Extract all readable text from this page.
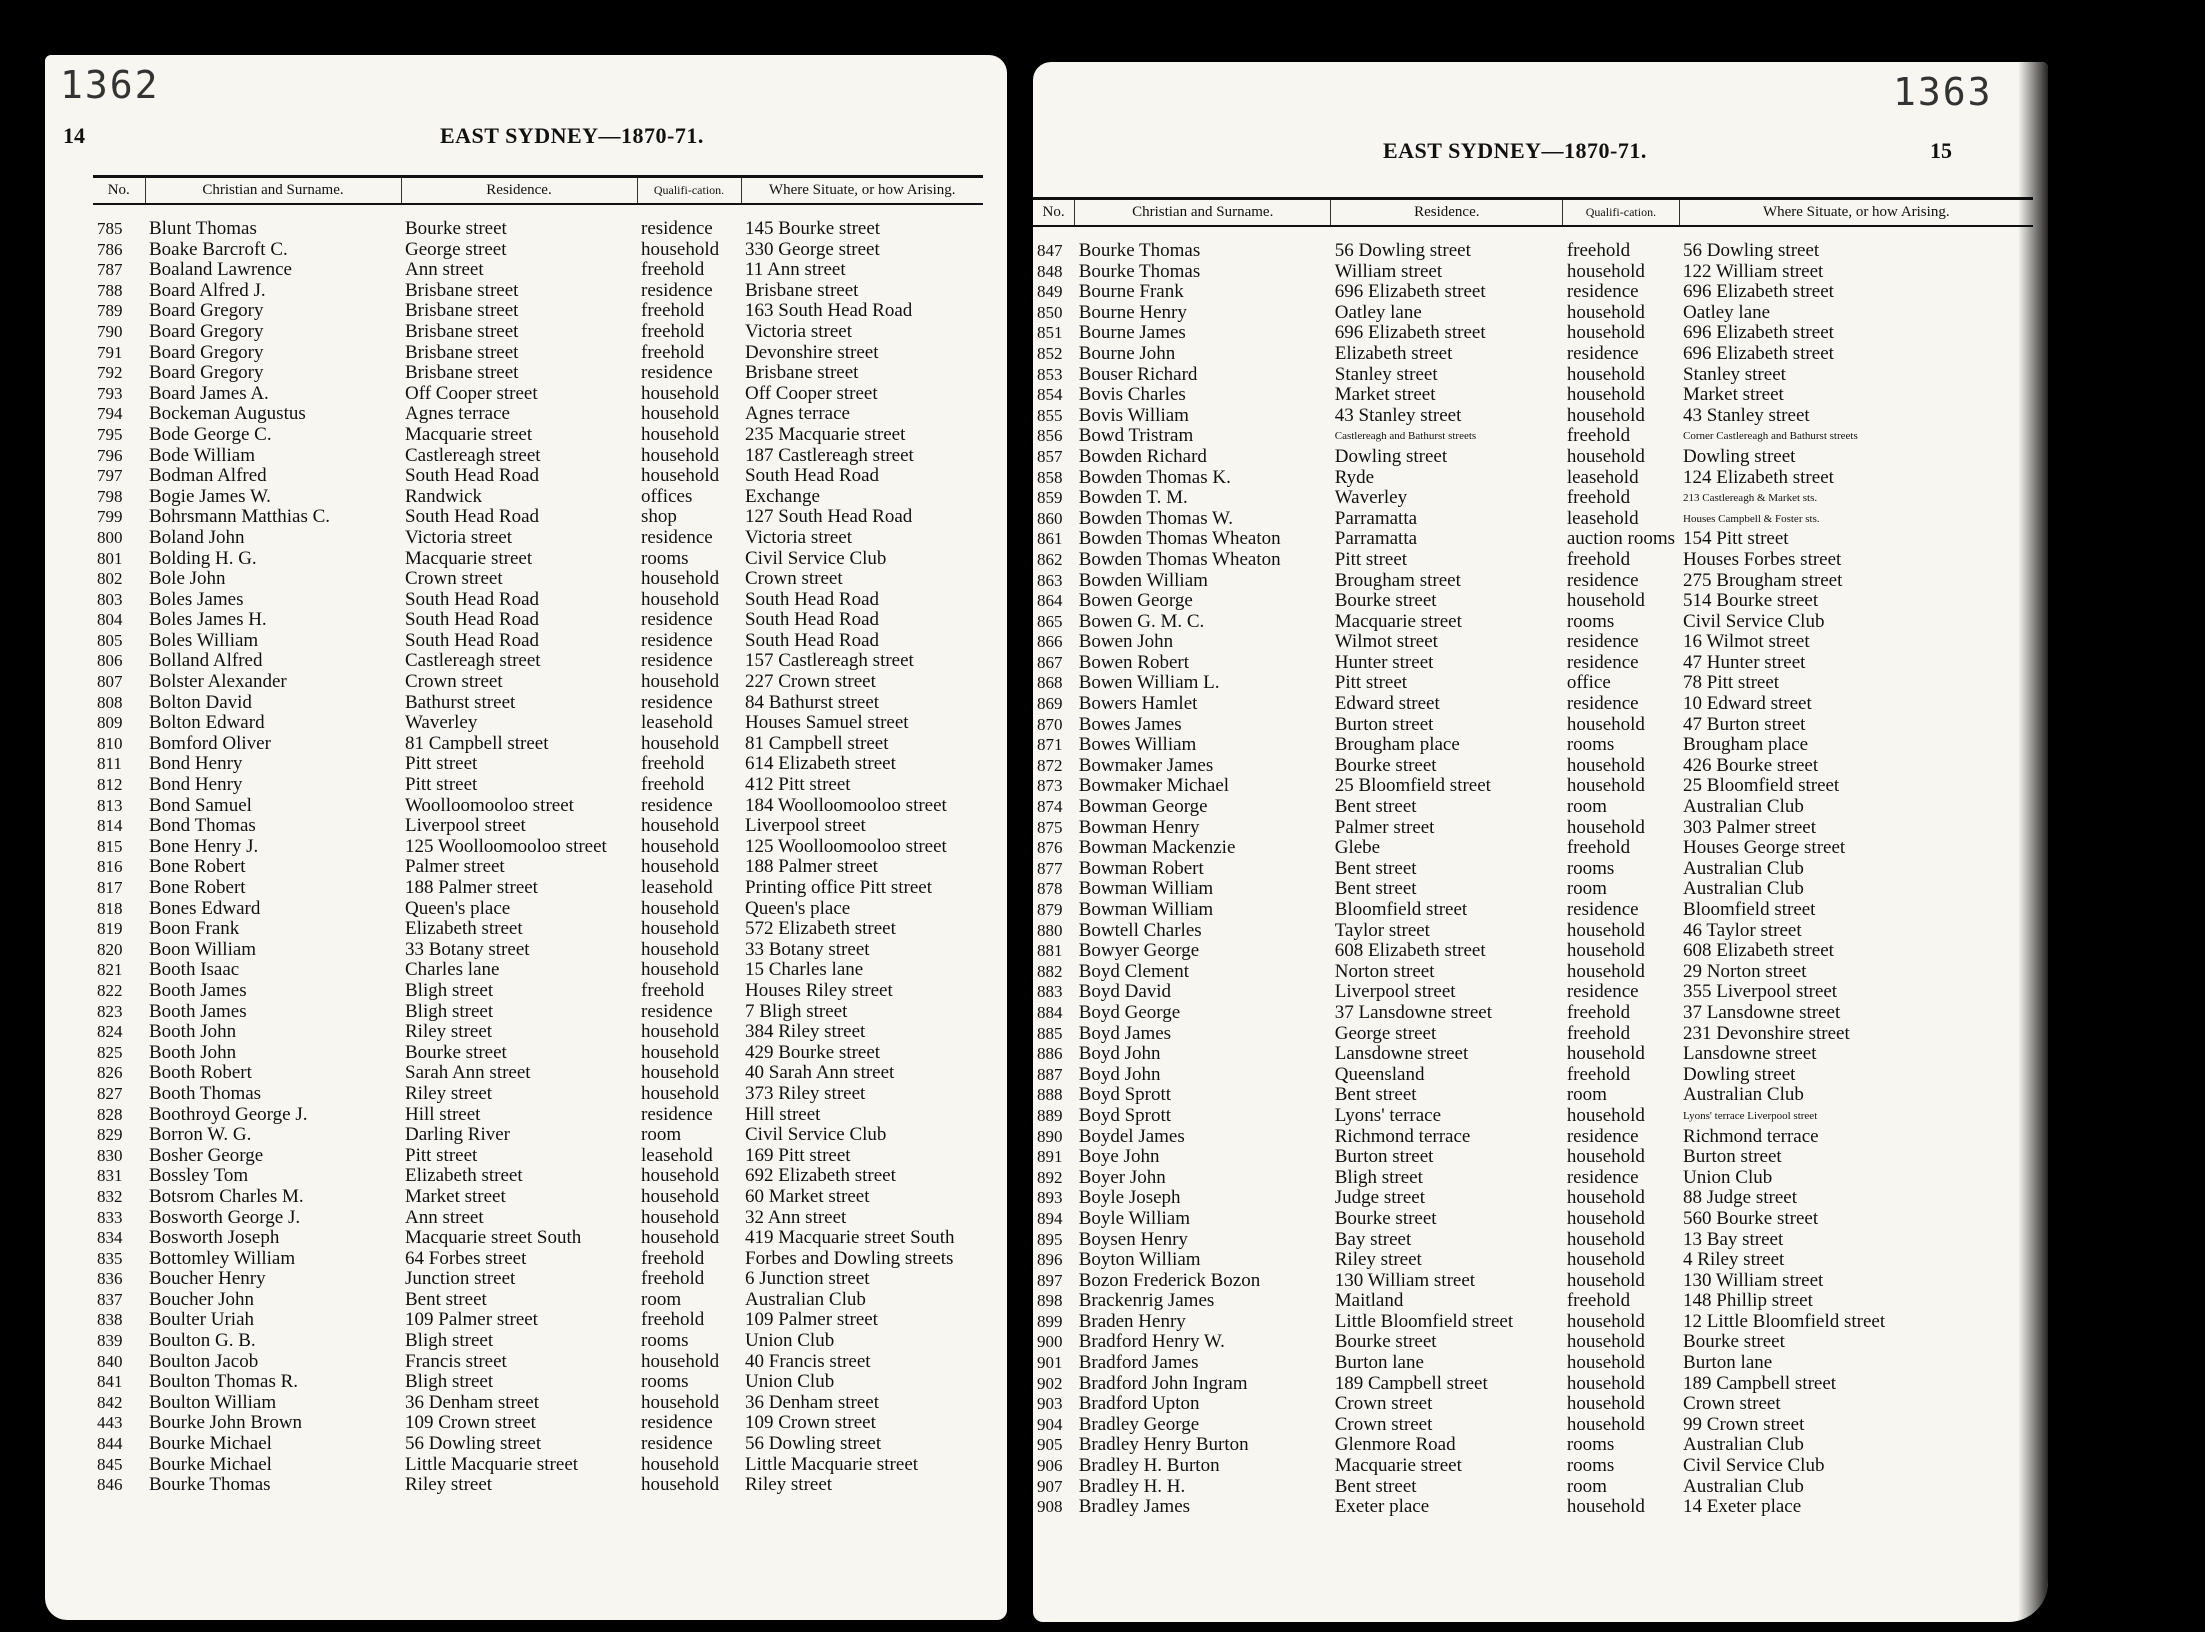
1362
14	EAST SYDNEY—1870-71.
No.	Christian and Surname.	Residence.	Qualifi-cation.	Where Situate, or how Arising.
785	Blunt Thomas	Bourke street	residence	145 Bourke street
786	Boake Barcroft C.	George street	household	330 George street
787	Boaland Lawrence	Ann street	freehold	11 Ann street
788	Board Alfred J.	Brisbane street	residence	Brisbane street
789	Board Gregory	Brisbane street	freehold	163 South Head Road
790	Board Gregory	Brisbane street	freehold	Victoria street
791	Board Gregory	Brisbane street	freehold	Devonshire street
792	Board Gregory	Brisbane street	residence	Brisbane street
793	Board James A.	Off Cooper street	household	Off Cooper street
794	Bockeman Augustus	Agnes terrace	household	Agnes terrace
795	Bode George C.	Macquarie street	household	235 Macquarie street
796	Bode William	Castlereagh street	household	187 Castlereagh street
797	Bodman Alfred	South Head Road	household	South Head Road
798	Bogie James W.	Randwick	offices	Exchange
799	Bohrsmann Matthias C.	South Head Road	shop	127 South Head Road
800	Boland John	Victoria street	residence	Victoria street
801	Bolding H. G.	Macquarie street	rooms	Civil Service Club
802	Bole John	Crown street	household	Crown street
803	Boles James	South Head Road	household	South Head Road
804	Boles James H.	South Head Road	residence	South Head Road
805	Boles William	South Head Road	residence	South Head Road
806	Bolland Alfred	Castlereagh street	residence	157 Castlereagh street
807	Bolster Alexander	Crown street	household	227 Crown street
808	Bolton David	Bathurst street	residence	84 Bathurst street
809	Bolton Edward	Waverley	leasehold	Houses Samuel street
810	Bomford Oliver	81 Campbell street	household	81 Campbell street
811	Bond Henry	Pitt street	freehold	614 Elizabeth street
812	Bond Henry	Pitt street	freehold	412 Pitt street
813	Bond Samuel	Woolloomooloo street	residence	184 Woolloomooloo street
814	Bond Thomas	Liverpool street	household	Liverpool street
815	Bone Henry J.	125 Woolloomooloo street	household	125 Woolloomooloo street
816	Bone Robert	Palmer street	household	188 Palmer street
817	Bone Robert	188 Palmer street	leasehold	Printing office Pitt street
818	Bones Edward	Queen's place	household	Queen's place
819	Boon Frank	Elizabeth street	household	572 Elizabeth street
820	Boon William	33 Botany street	household	33 Botany street
821	Booth Isaac	Charles lane	household	15 Charles lane
822	Booth James	Bligh street	freehold	Houses Riley street
823	Booth James	Bligh street	residence	7 Bligh street
824	Booth John	Riley street	household	384 Riley street
825	Booth John	Bourke street	household	429 Bourke street
826	Booth Robert	Sarah Ann street	household	40 Sarah Ann street
827	Booth Thomas	Riley street	household	373 Riley street
828	Boothroyd George J.	Hill street	residence	Hill street
829	Borron W. G.	Darling River	room	Civil Service Club
830	Bosher George	Pitt street	leasehold	169 Pitt street
831	Bossley Tom	Elizabeth street	household	692 Elizabeth street
832	Botsrom Charles M.	Market street	household	60 Market street
833	Bosworth George J.	Ann street	household	32 Ann street
834	Bosworth Joseph	Macquarie street South	household	419 Macquarie street South
835	Bottomley William	64 Forbes street	freehold	Forbes and Dowling streets
836	Boucher Henry	Junction street	freehold	6 Junction street
837	Boucher John	Bent street	room	Australian Club
838	Boulter Uriah	109 Palmer street	freehold	109 Palmer street
839	Boulton G. B.	Bligh street	rooms	Union Club
840	Boulton Jacob	Francis street	household	40 Francis street
841	Boulton Thomas R.	Bligh street	rooms	Union Club
842	Boulton William	36 Denham street	household	36 Denham street
443	Bourke John Brown	109 Crown street	residence	109 Crown street
844	Bourke Michael	56 Dowling street	residence	56 Dowling street
845	Bourke Michael	Little Macquarie street	household	Little Macquarie street
846	Bourke Thomas	Riley street	household	Riley street
1363
15
EAST SYDNEY—1870-71.
No.	Christian and Surname.	Residence.	Qualifi-cation.	Where Situate, or how Arising.
847	Bourke Thomas	56 Dowling street	freehold	56 Dowling street
848	Bourke Thomas	William street	household	122 William street
849	Bourne Frank	696 Elizabeth street	residence	696 Elizabeth street
850	Bourne Henry	Oatley lane	household	Oatley lane
851	Bourne James	696 Elizabeth street	household	696 Elizabeth street
852	Bourne John	Elizabeth street	residence	696 Elizabeth street
853	Bouser Richard	Stanley street	household	Stanley street
854	Bovis Charles	Market street	household	Market street
855	Bovis William	43 Stanley street	household	43 Stanley street
856	Bowd Tristram	Castlereagh and Bathurst streets	freehold	Corner Castlereagh and Bathurst streets
857	Bowden Richard	Dowling street	household	Dowling street
858	Bowden Thomas K.	Ryde	leasehold	124 Elizabeth street
859	Bowden T. M.	Waverley	freehold	213 Castlereagh & Market sts.
860	Bowden Thomas W.	Parramatta	leasehold	Houses Campbell & Foster sts.
861	Bowden Thomas Wheaton	Parramatta	auction rooms	154 Pitt street
862	Bowden Thomas Wheaton	Pitt street	freehold	Houses Forbes street
863	Bowden William	Brougham street	residence	275 Brougham street
864	Bowen George	Bourke street	household	514 Bourke street
865	Bowen G. M. C.	Macquarie street	rooms	Civil Service Club
866	Bowen John	Wilmot street	residence	16 Wilmot street
867	Bowen Robert	Hunter street	residence	47 Hunter street
868	Bowen William L.	Pitt street	office	78 Pitt street
869	Bowers Hamlet	Edward street	residence	10 Edward street
870	Bowes James	Burton street	household	47 Burton street
871	Bowes William	Brougham place	rooms	Brougham place
872	Bowmaker James	Bourke street	household	426 Bourke street
873	Bowmaker Michael	25 Bloomfield street	household	25 Bloomfield street
874	Bowman George	Bent street	room	Australian Club
875	Bowman Henry	Palmer street	household	303 Palmer street
876	Bowman Mackenzie	Glebe	freehold	Houses George street
877	Bowman Robert	Bent street	rooms	Australian Club
878	Bowman William	Bent street	room	Australian Club
879	Bowman William	Bloomfield street	residence	Bloomfield street
880	Bowtell Charles	Taylor street	household	46 Taylor street
881	Bowyer George	608 Elizabeth street	household	608 Elizabeth street
882	Boyd Clement	Norton street	household	29 Norton street
883	Boyd David	Liverpool street	residence	355 Liverpool street
884	Boyd George	37 Lansdowne street	freehold	37 Lansdowne street
885	Boyd James	George street	freehold	231 Devonshire street
886	Boyd John	Lansdowne street	household	Lansdowne street
887	Boyd John	Queensland	freehold	Dowling street
888	Boyd Sprott	Bent street	room	Australian Club
889	Boyd Sprott	Lyons' terrace	household	Lyons' terrace Liverpool street
890	Boydel James	Richmond terrace	residence	Richmond terrace
891	Boye John	Burton street	household	Burton street
892	Boyer John	Bligh street	residence	Union Club
893	Boyle Joseph	Judge street	household	88 Judge street
894	Boyle William	Bourke street	household	560 Bourke street
895	Boysen Henry	Bay street	household	13 Bay street
896	Boyton William	Riley street	household	4 Riley street
897	Bozon Frederick Bozon	130 William street	household	130 William street
898	Brackenrig James	Maitland	freehold	148 Phillip street
899	Braden Henry	Little Bloomfield street	household	12 Little Bloomfield street
900	Bradford Henry W.	Bourke street	household	Bourke street
901	Bradford James	Burton lane	household	Burton lane
902	Bradford John Ingram	189 Campbell street	household	189 Campbell street
903	Bradford Upton	Crown street	household	Crown street
904	Bradley George	Crown street	household	99 Crown street
905	Bradley Henry Burton	Glenmore Road	rooms	Australian Club
906	Bradley H. Burton	Macquarie street	rooms	Civil Service Club
907	Bradley H. H.	Bent street	room	Australian Club
908	Bradley James	Exeter place	household	14 Exeter place
